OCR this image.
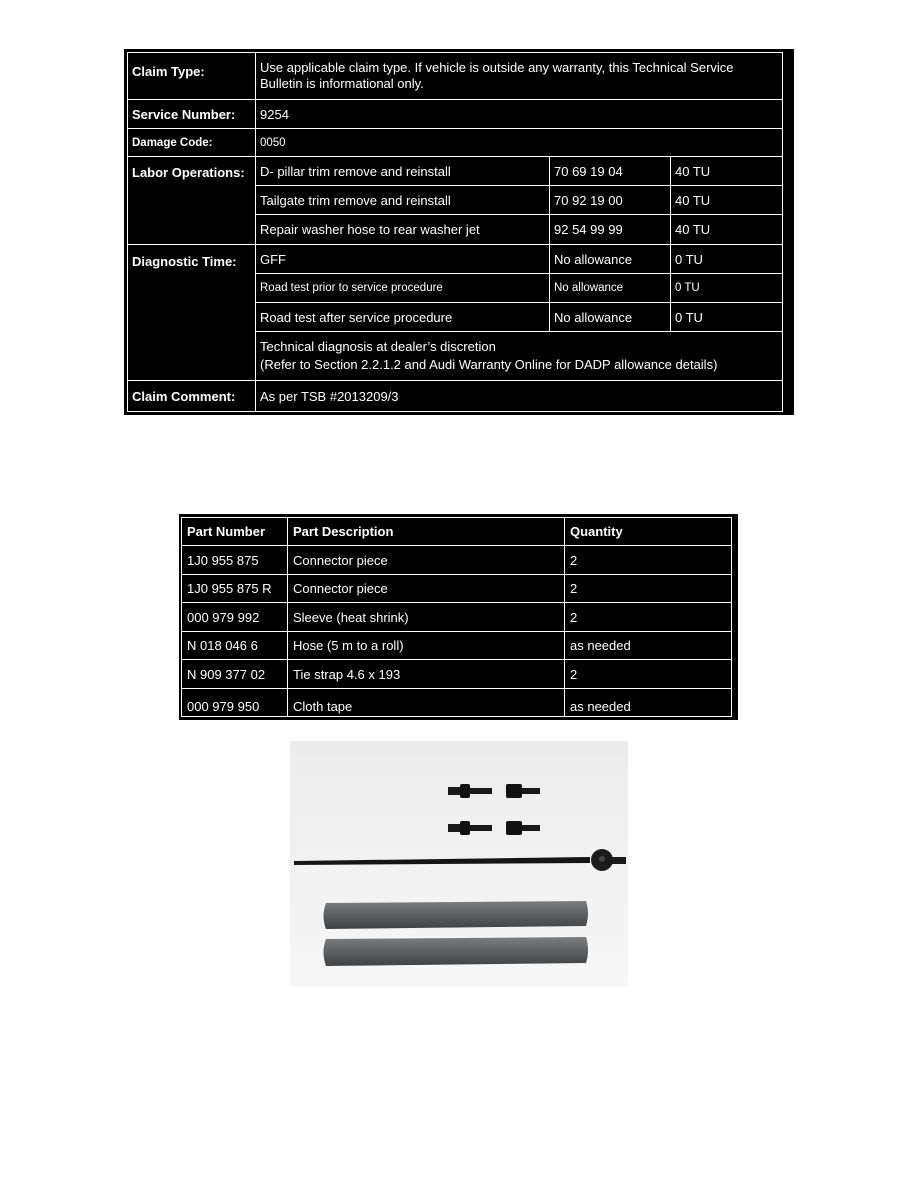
Claim Type:	Use applicable claim type. If vehicle is outside any warranty, this Technical Service Bulletin is informational only.
Service Number:	9254
Damage Code:	0050
Labor Operations:	D- pillar trim remove and reinstall	70 69 19 04	40 TU
Tailgate trim remove and reinstall	70 92 19 00	40 TU
Repair washer hose to rear washer jet	92 54 99 99	40 TU
Diagnostic Time:	GFF	No allowance	0 TU
Road test prior to service procedure	No allowance	0 TU
Road test after service procedure	No allowance	0 TU
Technical diagnosis at dealer’s discretion
(Refer to Section 2.2.1.2 and Audi Warranty Online for DADP allowance details)
Claim Comment:	As per TSB #2013209/3
Part Number	Part Description	Quantity
1J0 955 875	Connector piece	2
1J0 955 875 R	Connector piece	2
000 979 992	Sleeve (heat shrink)	2
N 018 046 6	Hose (5 m to a roll)	as needed
N 909 377 02	Tie strap 4.6 x 193	2
000 979 950	Cloth tape	as needed
